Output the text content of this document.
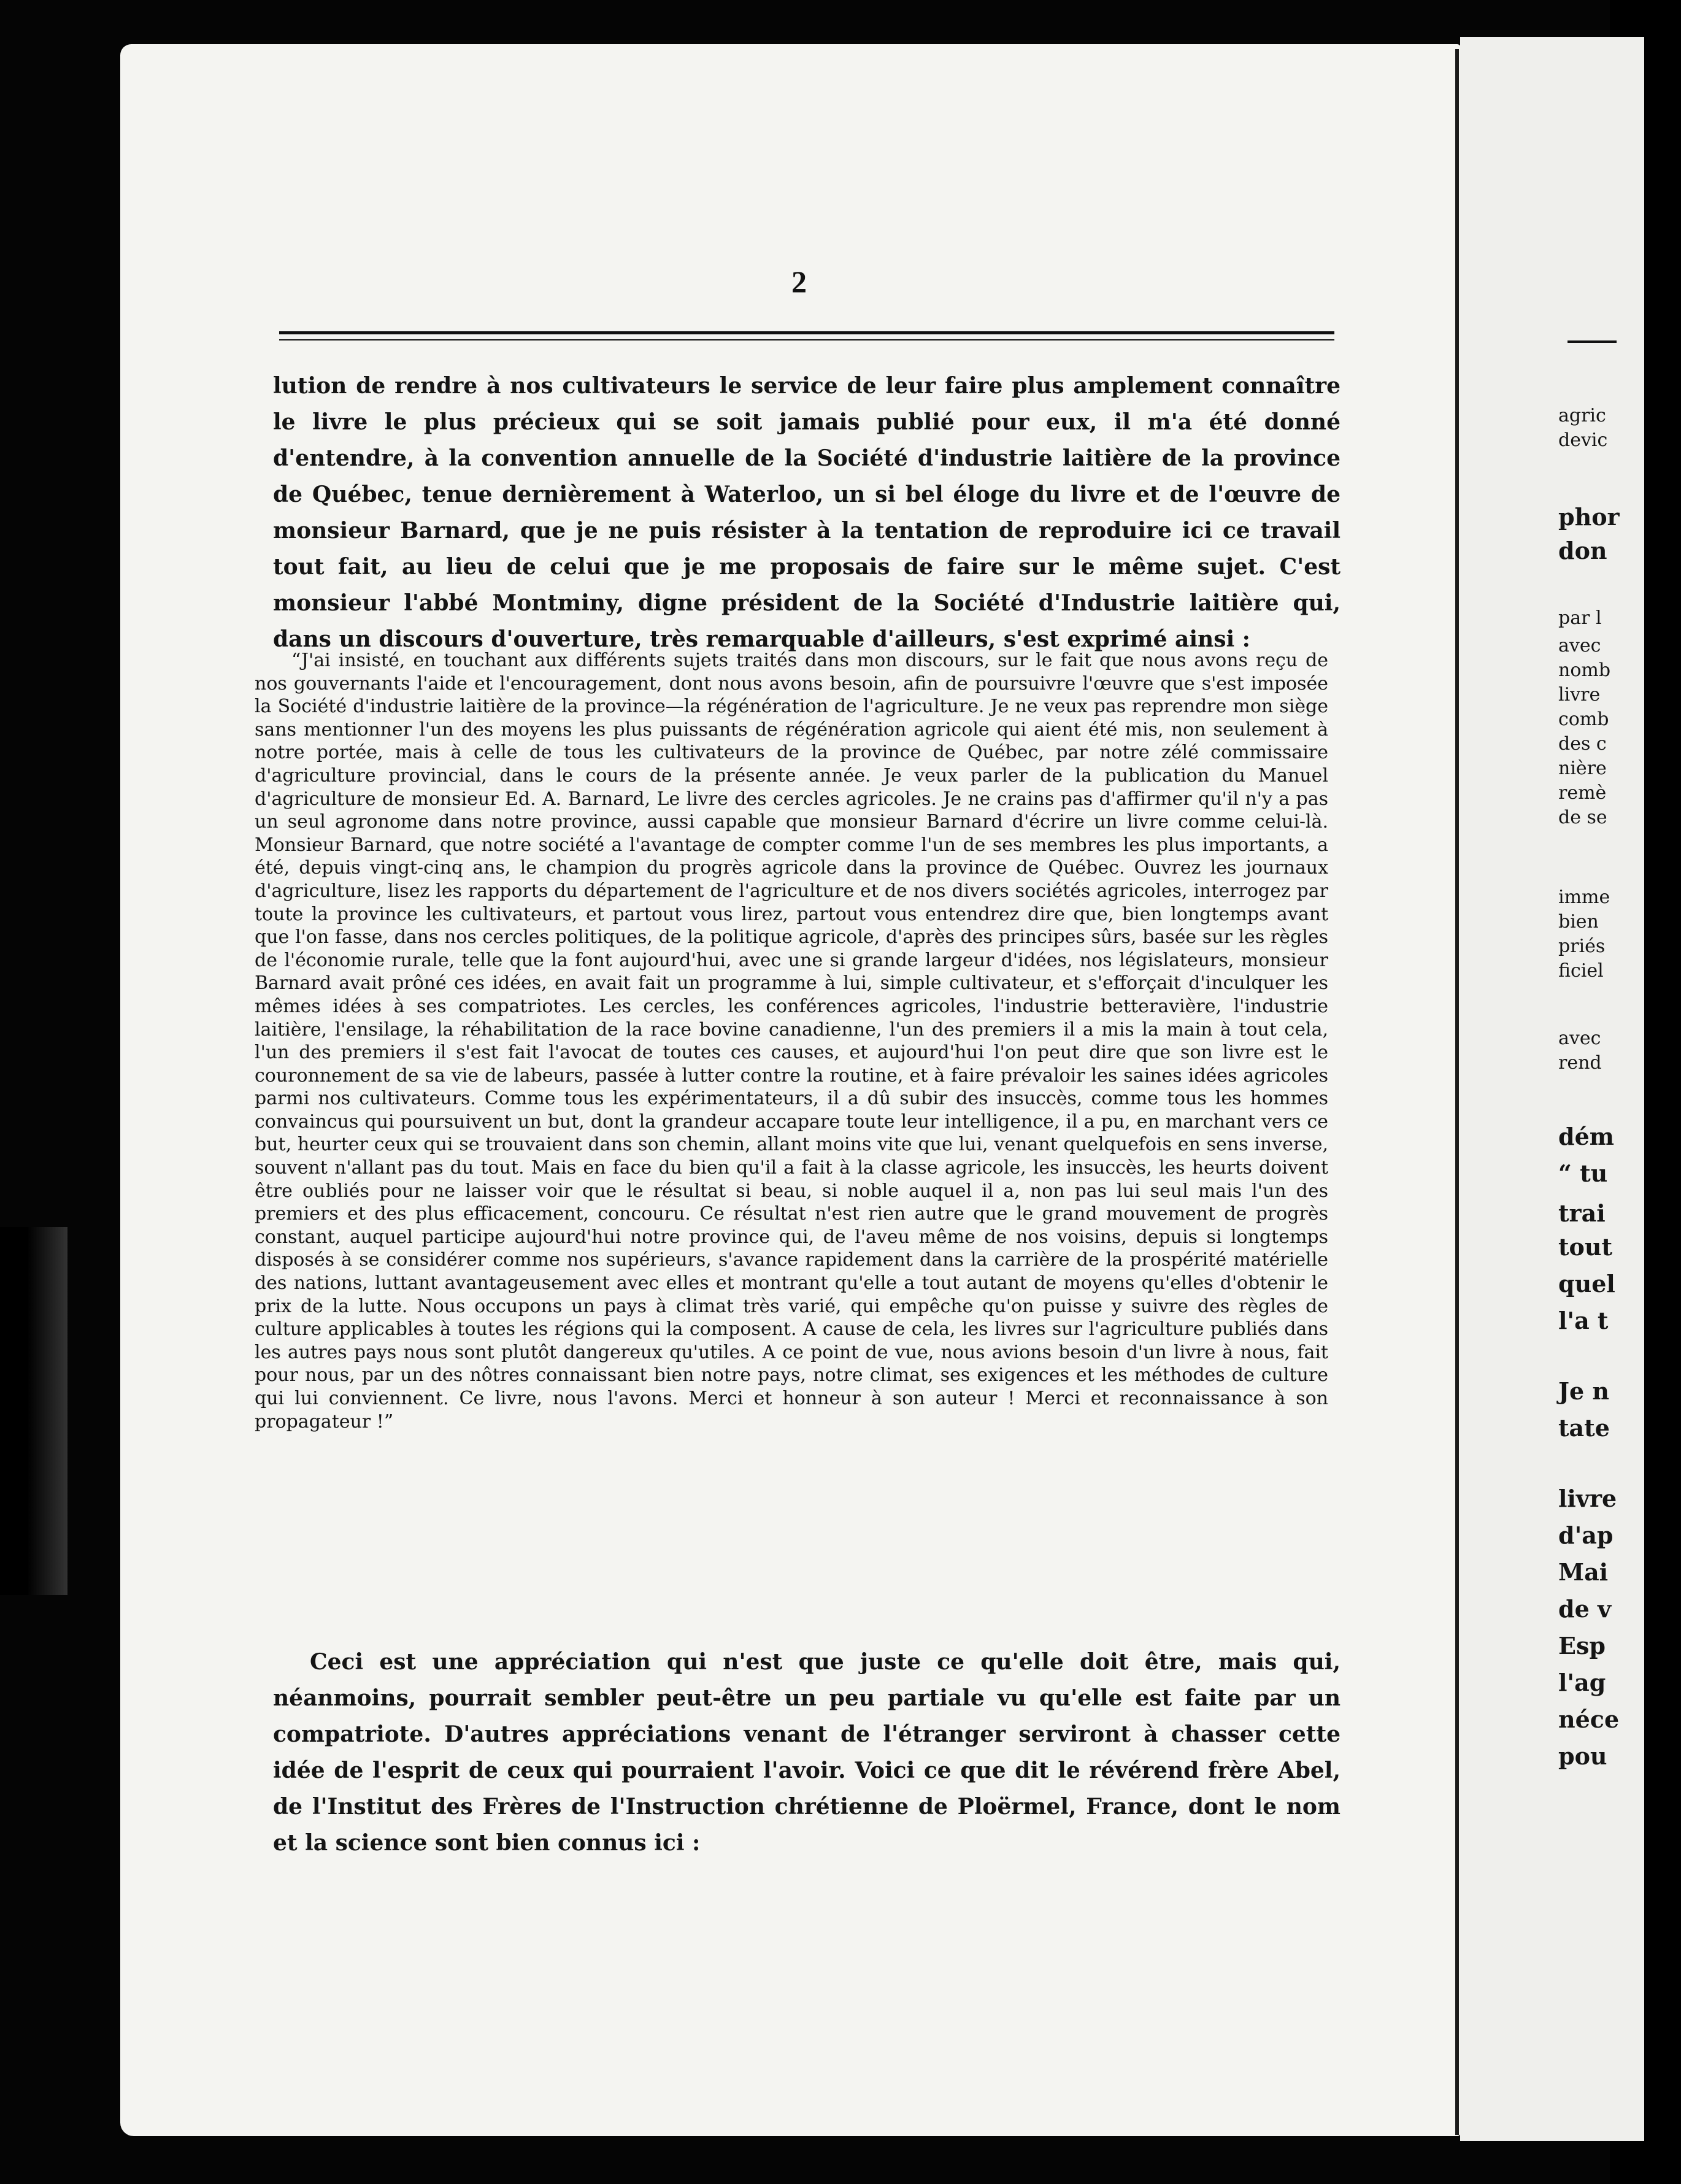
2
lution de rendre à nos cultivateurs le service de leur faire plus amplement connaître le livre le plus précieux qui se soit jamais publié pour eux, il m'a été donné d'entendre, à la convention annuelle de la Société d'industrie laitière de la province de Québec, tenue dernièrement à Waterloo, un si bel éloge du livre et de l'œuvre de monsieur Barnard, que je ne puis résister à la tentation de reproduire ici ce travail tout fait, au lieu de celui que je me proposais de faire sur le même sujet. C'est monsieur l'abbé Montminy, digne président de la Société d'Industrie laitière qui, dans un discours d'ouverture, très remarquable d'ailleurs, s'est exprimé ainsi :
“J'ai insisté, en touchant aux différents sujets traités dans mon discours, sur le fait que nous avons reçu de nos gouvernants l'aide et l'encouragement, dont nous avons besoin, afin de poursuivre l'œuvre que s'est imposée la Société d'industrie laitière de la province—la régénération de l'agriculture. Je ne veux pas reprendre mon siège sans mentionner l'un des moyens les plus puissants de régénération agricole qui aient été mis, non seulement à notre portée, mais à celle de tous les cultivateurs de la province de Québec, par notre zélé commissaire d'agriculture provincial, dans le cours de la présente année. Je veux parler de la publication du Manuel d'agriculture de monsieur Ed. A. Barnard, Le livre des cercles agricoles. Je ne crains pas d'affirmer qu'il n'y a pas un seul agronome dans notre province, aussi capable que monsieur Barnard d'écrire un livre comme celui-là. Monsieur Barnard, que notre société a l'avantage de compter comme l'un de ses membres les plus importants, a été, depuis vingt-cinq ans, le champion du progrès agricole dans la province de Québec. Ouvrez les journaux d'agriculture, lisez les rapports du département de l'agriculture et de nos divers sociétés agricoles, interrogez par toute la province les cultivateurs, et partout vous lirez, partout vous entendrez dire que, bien longtemps avant que l'on fasse, dans nos cercles politiques, de la politique agricole, d'après des principes sûrs, basée sur les règles de l'économie rurale, telle que la font aujourd'hui, avec une si grande largeur d'idées, nos législateurs, monsieur Barnard avait prôné ces idées, en avait fait un programme à lui, simple cultivateur, et s'efforçait d'inculquer les mêmes idées à ses compatriotes. Les cercles, les conférences agricoles, l'industrie betteravière, l'industrie laitière, l'ensilage, la réhabilitation de la race bovine canadienne, l'un des premiers il a mis la main à tout cela, l'un des premiers il s'est fait l'avocat de toutes ces causes, et aujourd'hui l'on peut dire que son livre est le couronnement de sa vie de labeurs, passée à lutter contre la routine, et à faire prévaloir les saines idées agricoles parmi nos cultivateurs. Comme tous les expérimentateurs, il a dû subir des insuccès, comme tous les hommes convaincus qui poursuivent un but, dont la grandeur accapare toute leur intelligence, il a pu, en marchant vers ce but, heurter ceux qui se trouvaient dans son chemin, allant moins vite que lui, venant quelquefois en sens inverse, souvent n'allant pas du tout. Mais en face du bien qu'il a fait à la classe agricole, les insuccès, les heurts doivent être oubliés pour ne laisser voir que le résultat si beau, si noble auquel il a, non pas lui seul mais l'un des premiers et des plus efficacement, concouru. Ce résultat n'est rien autre que le grand mouvement de progrès constant, auquel participe aujourd'hui notre province qui, de l'aveu même de nos voisins, depuis si longtemps disposés à se considérer comme nos supérieurs, s'avance rapidement dans la carrière de la prospérité matérielle des nations, luttant avantageusement avec elles et montrant qu'elle a tout autant de moyens qu'elles d'obtenir le prix de la lutte. Nous occupons un pays à climat très varié, qui empêche qu'on puisse y suivre des règles de culture applicables à toutes les régions qui la composent. A cause de cela, les livres sur l'agriculture publiés dans les autres pays nous sont plutôt dangereux qu'utiles. A ce point de vue, nous avions besoin d'un livre à nous, fait pour nous, par un des nôtres connaissant bien notre pays, notre climat, ses exigences et les méthodes de culture qui lui conviennent. Ce livre, nous l'avons. Merci et honneur à son auteur ! Merci et reconnaissance à son propagateur !”
Ceci est une appréciation qui n'est que juste ce qu'elle doit être, mais qui, néanmoins, pourrait sembler peut-être un peu partiale vu qu'elle est faite par un compatriote. D'autres appréciations venant de l'étranger serviront à chasser cette idée de l'esprit de ceux qui pourraient l'avoir. Voici ce que dit le révérend frère Abel, de l'Institut des Frères de l'Instruction chrétienne de Ploërmel, France, dont le nom et la science sont bien connus ici :
agric
devic
phor
don
par l
avec
nomb
livre
comb
des c
nière
remè
de se
imme
bien
priés
ficiel
avec
rend
dém
“ tu
trai
tout
quel
l'a t
Je n
tate
livre
d'ap
Mai
de v
Esp
l'ag
néce
pou
